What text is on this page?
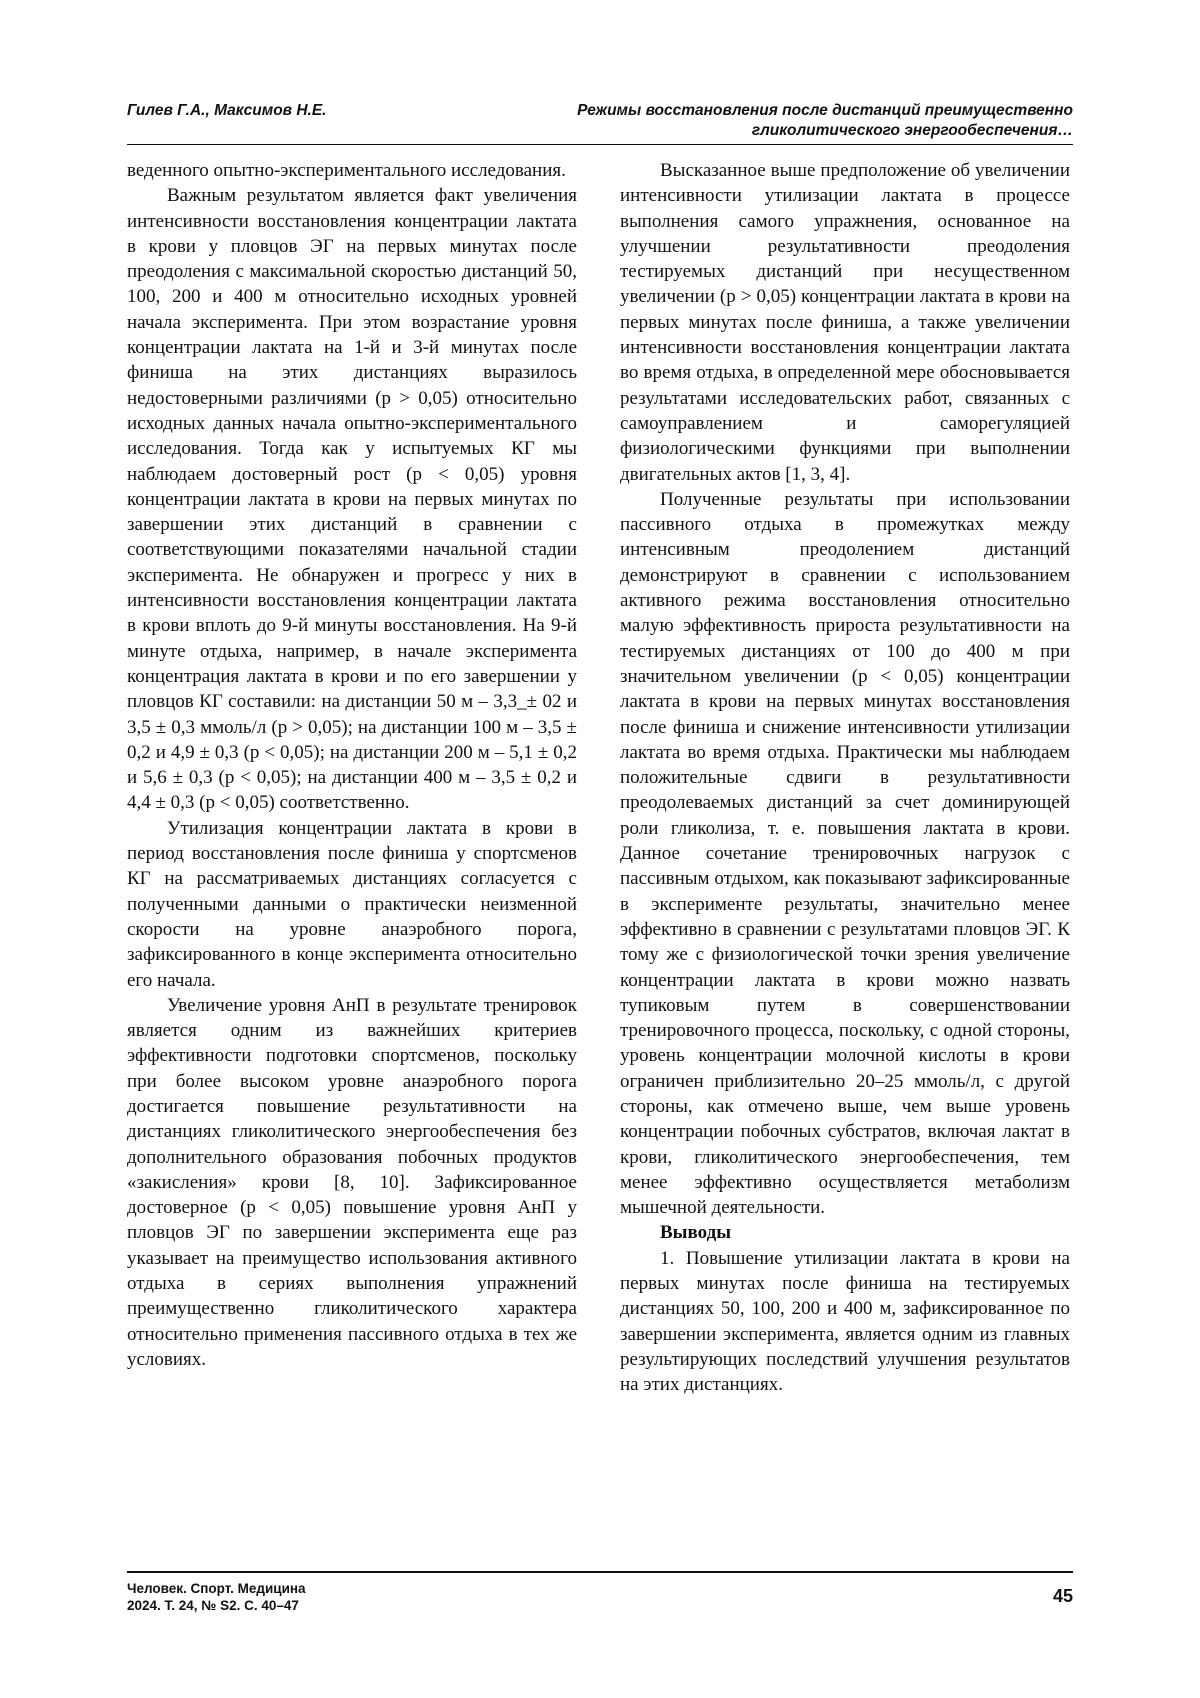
Гилев Г.А., Максимов Н.Е.	Режимы восстановления после дистанций преимущественно
гликолитического энергообеспечения…

веденного опытно-экспериментального исследования.

Важным результатом является факт увеличения интенсивности восстановления концентрации лактата в крови у пловцов ЭГ на первых минутах после преодоления с максимальной скоростью дистанций 50, 100, 200 и 400 м относительно исходных уровней начала эксперимента. При этом возрастание уровня концентрации лактата на 1-й и 3-й минутах после финиша на этих дистанциях выразилось недостоверными различиями (p > 0,05) относительно исходных данных начала опытно-экспериментального исследования. Тогда как у испытуемых КГ мы наблюдаем достоверный рост (p < 0,05) уровня концентрации лактата в крови на первых минутах по завершении этих дистанций в сравнении с соответствующими показателями начальной стадии эксперимента. Не обнаружен и прогресс у них в интенсивности восстановления концентрации лактата в крови вплоть до 9-й минуты восстановления. На 9-й минуте отдыха, например, в начале эксперимента концентрация лактата в крови и по его завершении у пловцов КГ составили: на дистанции 50 м – 3,3_± 02 и 3,5 ± 0,3 ммоль/л (p > 0,05); на дистанции 100 м – 3,5 ± 0,2 и 4,9 ± 0,3 (p < 0,05); на дистанции 200 м – 5,1 ± 0,2 и 5,6 ± 0,3 (p < 0,05); на дистанции 400 м – 3,5 ± 0,2 и 4,4 ± 0,3 (p < 0,05) соответственно.

Утилизация концентрации лактата в крови в период восстановления после финиша у спортсменов КГ на рассматриваемых дистанциях согласуется с полученными данными о практически неизменной скорости на уровне анаэробного порога, зафиксированного в конце эксперимента относительно его начала.

Увеличение уровня АнП в результате тренировок является одним из важнейших критериев эффективности подготовки спортсменов, поскольку при более высоком уровне анаэробного порога достигается повышение результативности на дистанциях гликолитического энергообеспечения без дополнительного образования побочных продуктов «закисления» крови [8, 10]. Зафиксированное достоверное (p < 0,05) повышение уровня АнП у пловцов ЭГ по завершении эксперимента еще раз указывает на преимущество использования активного отдыха в сериях выполнения упражнений преимущественно гликолитического характера относительно применения пассивного отдыха в тех же условиях.

Высказанное выше предположение об увеличении интенсивности утилизации лактата в процессе выполнения самого упражнения, основанное на улучшении результативности преодоления тестируемых дистанций при несущественном увеличении (p > 0,05) концентрации лактата в крови на первых минутах после финиша, а также увеличении интенсивности восстановления концентрации лактата во время отдыха, в определенной мере обосновывается результатами исследовательских работ, связанных с самоуправлением и саморегуляцией физиологическими функциями при выполнении двигательных актов [1, 3, 4].

Полученные результаты при использовании пассивного отдыха в промежутках между интенсивным преодолением дистанций демонстрируют в сравнении с использованием активного режима восстановления относительно малую эффективность прироста результативности на тестируемых дистанциях от 100 до 400 м при значительном увеличении (p < 0,05) концентрации лактата в крови на первых минутах восстановления после финиша и снижение интенсивности утилизации лактата во время отдыха. Практически мы наблюдаем положительные сдвиги в результативности преодолеваемых дистанций за счет доминирующей роли гликолиза, т. е. повышения лактата в крови. Данное сочетание тренировочных нагрузок с пассивным отдыхом, как показывают зафиксированные в эксперименте результаты, значительно менее эффективно в сравнении с результатами пловцов ЭГ. К тому же с физиологической точки зрения увеличение концентрации лактата в крови можно назвать тупиковым путем в совершенствовании тренировочного процесса, поскольку, с одной стороны, уровень концентрации молочной кислоты в крови ограничен приблизительно 20–25 ммоль/л, с другой стороны, как отмечено выше, чем выше уровень концентрации побочных субстратов, включая лактат в крови, гликолитического энергообеспечения, тем менее эффективно осуществляется метаболизм мышечной деятельности.

Выводы

1. Повышение утилизации лактата в крови на первых минутах после финиша на тестируемых дистанциях 50, 100, 200 и 400 м, зафиксированное по завершении эксперимента, является одним из главных результирующих последствий улучшения результатов на этих дистанциях.

Человек. Спорт. Медицина
2024. Т. 24, № S2. С. 40–47	45
